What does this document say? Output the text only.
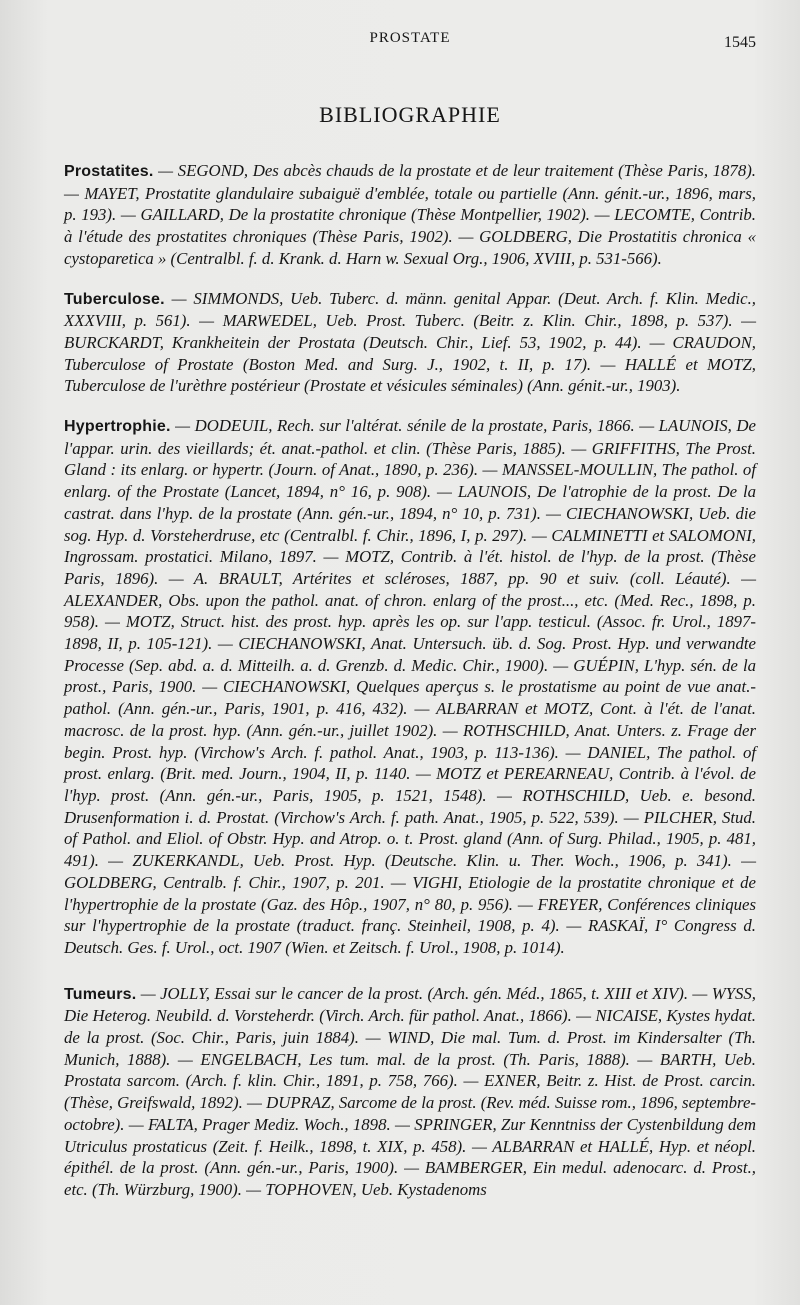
PROSTATE	1545
BIBLIOGRAPHIE
Prostatites. — SEGOND, Des abcès chauds de la prostate et de leur traitement (Thèse Paris, 1878). — MAYET, Prostatite glandulaire subaiguë d'emblée, totale ou partielle (Ann. génit.-ur., 1896, mars, p. 193). — GAILLARD, De la prostatite chronique (Thèse Montpellier, 1902). — LECOMTE, Contrib. à l'étude des prostatites chroniques (Thèse Paris, 1902). — GOLDBERG, Die Prostatitis chronica « cystoparetica » (Centralbl. f. d. Krank. d. Harn w. Sexual Org., 1906, XVIII, p. 531-566).
Tuberculose. — SIMMONDS, Ueb. Tuberc. d. männ. genital Appar. (Deut. Arch. f. Klin. Medic., XXXVIII, p. 561). — MARWEDEL, Ueb. Prost. Tuberc. (Beitr. z. Klin. Chir., 1898, p. 537). — BURCKARDT, Krankheitein der Prostata (Deutsch. Chir., Lief. 53, 1902, p. 44). — CRAUDON, Tuberculose of Prostate (Boston Med. and Surg. J., 1902, t. II, p. 17). — HALLÉ et MOTZ, Tuberculose de l'urèthre postérieur (Prostate et vésicules séminales) (Ann. génit.-ur., 1903).
Hypertrophie. — DODEUIL, Rech. sur l'altérat. sénile de la prostate, Paris, 1866. — LAUNOIS, De l'appar. urin. des vieillards; ét. anat.-pathol. et clin. (Thèse Paris, 1885). — GRIFFITHS, The Prost. Gland : its enlarg. or hypertr. (Journ. of Anat., 1890, p. 236). — MANSSEL-MOULLIN, The pathol. of enlarg. of the Prostate (Lancet, 1894, n° 16, p. 908). — LAUNOIS, De l'atrophie de la prost. De la castrat. dans l'hyp. de la prostate (Ann. gén.-ur., 1894, n° 10, p. 731). — CIECHANOWSKI, Ueb. die sog. Hyp. d. Vorsteherdruse, etc (Centralbl. f. Chir., 1896, I, p. 297). — CALMINETTI et SALOMONI, Ingrossam. prostatici. Milano, 1897. — MOTZ, Contrib. à l'ét. histol. de l'hyp. de la prost. (Thèse Paris, 1896). — A. BRAULT, Artérites et scléroses, 1887, pp. 90 et suiv. (coll. Léauté). — ALEXANDER, Obs. upon the pathol. anat. of chron. enlarg of the prost..., etc. (Med. Rec., 1898, p. 958). — MOTZ, Struct. hist. des prost. hyp. après les op. sur l'app. testicul. (Assoc. fr. Urol., 1897-1898, II, p. 105-121). — CIECHANOWSKI, Anat. Untersuch. üb. d. Sog. Prost. Hyp. und verwandte Processe (Sep. abd. a. d. Mitteilh. a. d. Grenzb. d. Medic. Chir., 1900). — GUÉPIN, L'hyp. sén. de la prost., Paris, 1900. — CIECHANOWSKI, Quelques aperçus s. le prostatisme au point de vue anat.-pathol. (Ann. gén.-ur., Paris, 1901, p. 416, 432). — ALBARRAN et MOTZ, Cont. à l'ét. de l'anat. macrosc. de la prost. hyp. (Ann. gén.-ur., juillet 1902). — ROTHSCHILD, Anat. Unters. z. Frage der begin. Prost. hyp. (Virchow's Arch. f. pathol. Anat., 1903, p. 113-136). — DANIEL, The pathol. of prost. enlarg. (Brit. med. Journ., 1904, II, p. 1140. — MOTZ et PEREARNEAU, Contrib. à l'évol. de l'hyp. prost. (Ann. gén.-ur., Paris, 1905, p. 1521, 1548). — ROTHSCHILD, Ueb. e. besond. Drusenformation i. d. Prostat. (Virchow's Arch. f. path. Anat., 1905, p. 522, 539). — PILCHER, Stud. of Pathol. and Eliol. of Obstr. Hyp. and Atrop. o. t. Prost. gland (Ann. of Surg. Philad., 1905, p. 481, 491). — ZUKERKANDL, Ueb. Prost. Hyp. (Deutsche. Klin. u. Ther. Woch., 1906, p. 341). — GOLDBERG, Centralb. f. Chir., 1907, p. 201. — VIGHI, Etiologie de la prostatite chronique et de l'hypertrophie de la prostate (Gaz. des Hôp., 1907, n° 80, p. 956). — FREYER, Conférences cliniques sur l'hypertrophie de la prostate (traduct. franç. Steinheil, 1908, p. 4). — RASKAÏ, I° Congress d. Deutsch. Ges. f. Urol., oct. 1907 (Wien. et Zeitsch. f. Urol., 1908, p. 1014).
Tumeurs. — JOLLY, Essai sur le cancer de la prost. (Arch. gén. Méd., 1865, t. XIII et XIV). — WYSS, Die Heterog. Neubild. d. Vorsteherdr. (Virch. Arch. für pathol. Anat., 1866). — NICAISE, Kystes hydat. de la prost. (Soc. Chir., Paris, juin 1884). — WIND, Die mal. Tum. d. Prost. im Kindersalter (Th. Munich, 1888). — ENGELBACH, Les tum. mal. de la prost. (Th. Paris, 1888). — BARTH, Ueb. Prostata sarcom. (Arch. f. klin. Chir., 1891, p. 758, 766). — EXNER, Beitr. z. Hist. de Prost. carcin. (Thèse, Greifswald, 1892). — DUPRAZ, Sarcome de la prost. (Rev. méd. Suisse rom., 1896, septembre-octobre). — FALTA, Prager Mediz. Woch., 1898. — SPRINGER, Zur Kenntniss der Cystenbildung dem Utriculus prostaticus (Zeit. f. Heilk., 1898, t. XIX, p. 458). — ALBARRAN et HALLÉ, Hyp. et néopl. épithél. de la prost. (Ann. gén.-ur., Paris, 1900). — BAMBERGER, Ein medul. adenocarc. d. Prost., etc. (Th. Würzburg, 1900). — TOPHOVEN, Ueb. Kystadenoms
